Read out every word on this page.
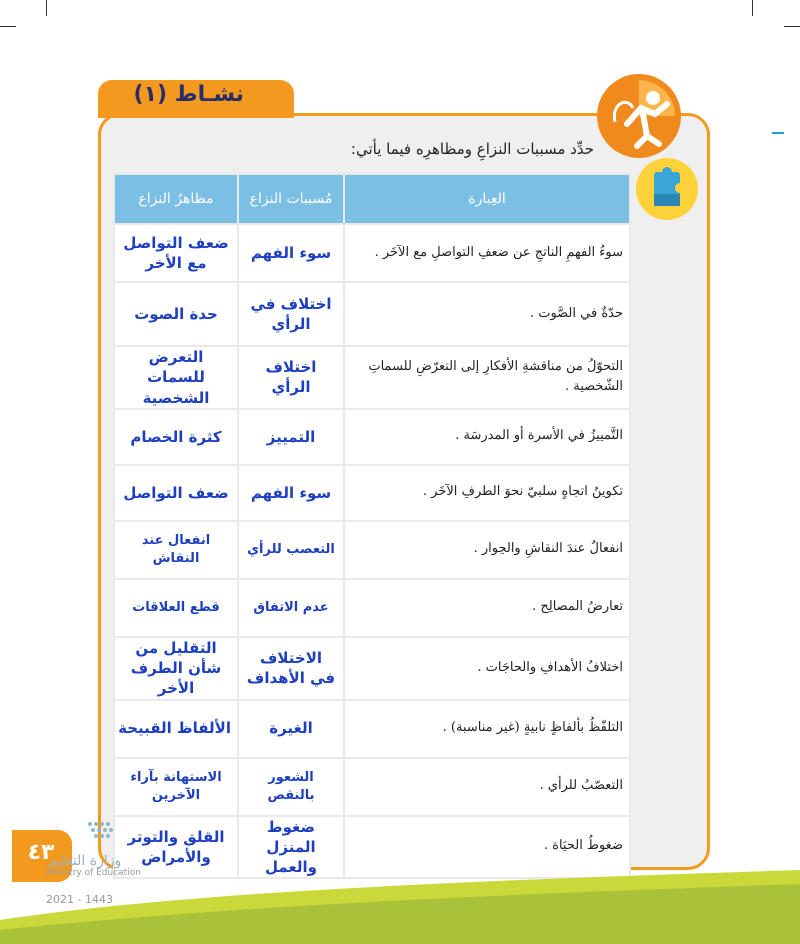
نشـاط (١)
حدِّد مسببات النزاعِ ومظاهرِه فيما يأتي:
العِبارة	مُسببات النزاع	مظاهرُ النزاع
سوءُ الفهمِ الناتجِ عن ضعفِ التواصلِ مع الآخَر .	سوء الفهم	ضعف التواصل مع الأخر
حدّةٌ في الصَّوت .	اختلاف في الرأي	حدة الصوت
التحوّلُ من مناقشةِ الأفكارِ إلى التعرّضِ للسماتِ الشّخصية .	اختلاف الرأي	التعرض للسمات الشخصية
التَّمييزُ في الأسرة أو المدرسَة .	التمييز	كثرة الخصام
تكوينُ اتجاهٍ سلبيّ نحوَ الطرفِ الآخَر .	سوء الفهم	ضعف التواصل
انفعالٌ عندَ النقاشِ والحِوار .	التعصب للرأي	انفعال عند النقاش
تعارضُ المصالِح .	عدم الاتفاق	قطع العلاقات
اختلافُ الأهدافِ والحاجَات .	الاختلاف في الأهداف	التقليل من شأن الطرف الأخر
التلفّظُ بألفاظٍ نابيةٍ (غير مناسبة) .	الغيرة	الألفاظ القبيحة
التعصّبُ للرأي .	الشعور بالنقص	الاستهانة بآراء الآخرين
ضغوطُ الحيَاة .	ضغوط المنزل والعمل	القلق والتوتر والأمراض
٤٣
وزارة التعليم
Ministry of Education
2021 - 1443
